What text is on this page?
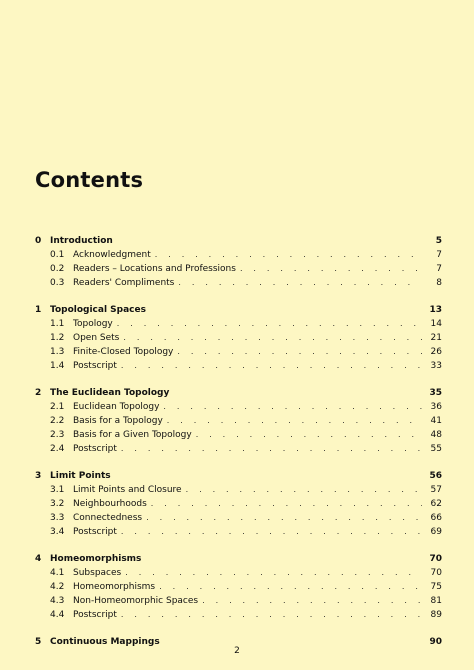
Contents
0 Introduction	5
0.1 Acknowledgment . . .	7
0.2 Readers – Locations and Professions . . .	7
0.3 Readers' Compliments . . .	8
1 Topological Spaces	13
1.1 Topology . . .	14
1.2 Open Sets . . .	21
1.3 Finite-Closed Topology . . .	26
1.4 Postscript . . .	33
2 The Euclidean Topology	35
2.1 Euclidean Topology . . .	36
2.2 Basis for a Topology . . .	41
2.3 Basis for a Given Topology . . .	48
2.4 Postscript . . .	55
3 Limit Points	56
3.1 Limit Points and Closure . . .	57
3.2 Neighbourhoods . . .	62
3.3 Connectedness . . .	66
3.4 Postscript . . .	69
4 Homeomorphisms	70
4.1 Subspaces . . .	70
4.2 Homeomorphisms . . .	75
4.3 Non-Homeomorphic Spaces . . .	81
4.4 Postscript . . .	89
5 Continuous Mappings	90
2
